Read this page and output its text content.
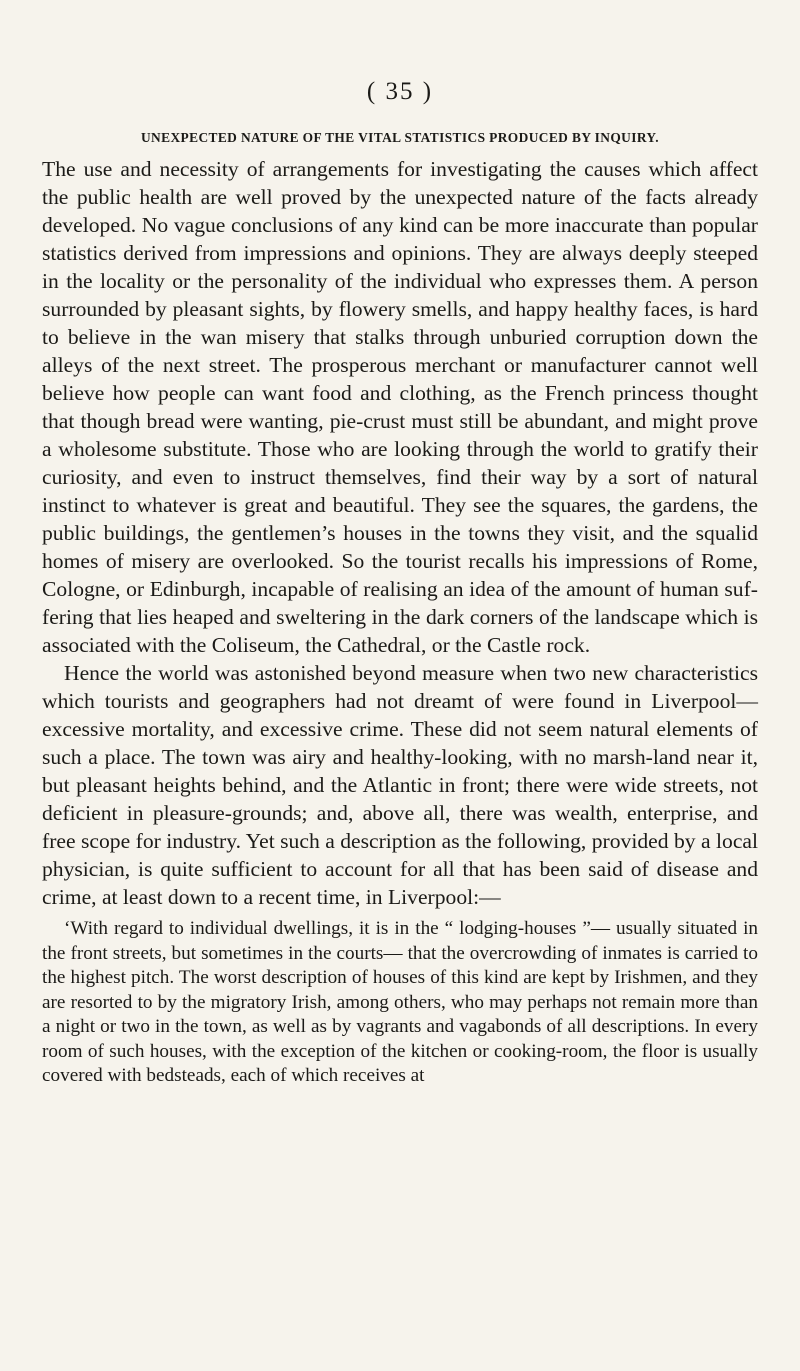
( 35 )
UNEXPECTED NATURE OF THE VITAL STATISTICS PRODUCED BY INQUIRY.

The use and necessity of arrangements for investigating the causes which affect the public health are well proved by the unexpected nature of the facts already developed. No vague conclusions of any kind can be more inaccurate than popular statistics derived from impressions and opinions. They are always deeply steeped in the locality or the personality of the individual who expresses them. A person surrounded by pleasant sights, by flowery smells, and happy healthy faces, is hard to believe in the wan misery that stalks through unburied corruption down the alleys of the next street. The prosperous merchant or manufacturer cannot well believe how people can want food and clothing, as the French princess thought that though bread were wanting, pie-crust must still be abundant, and might prove a wholesome substitute. Those who are looking through the world to gratify their curiosity, and even to instruct themselves, find their way by a sort of natural instinct to whatever is great and beautiful. They see the squares, the gardens, the public buildings, the gentlemen’s houses in the towns they visit, and the squalid homes of misery are overlooked. So the tourist recalls his impressions of Rome, Cologne, or Edinburgh, incapable of realising an idea of the amount of human suffering that lies heaped and sweltering in the dark corners of the landscape which is associated with the Coliseum, the Cathedral, or the Castle rock.

Hence the world was astonished beyond measure when two new characteristics which tourists and geographers had not dreamt of were found in Liverpool—excessive mortality, and excessive crime. These did not seem natural elements of such a place. The town was airy and healthy-looking, with no marsh-land near it, but pleasant heights behind, and the Atlantic in front; there were wide streets, not deficient in pleasure-grounds; and, above all, there was wealth, enterprise, and free scope for industry. Yet such a description as the following, provided by a local physician, is quite sufficient to account for all that has been said of disease and crime, at least down to a recent time, in Liverpool:—

‘With regard to individual dwellings, it is in the “ lodging-houses ”— usually situated in the front streets, but sometimes in the courts— that the overcrowding of inmates is carried to the highest pitch. The worst description of houses of this kind are kept by Irishmen, and they are resorted to by the migratory Irish, among others, who may perhaps not remain more than a night or two in the town, as well as by vagrants and vagabonds of all descriptions. In every room of such houses, with the exception of the kitchen or cooking-room, the floor is usually covered with bedsteads, each of which receives at
